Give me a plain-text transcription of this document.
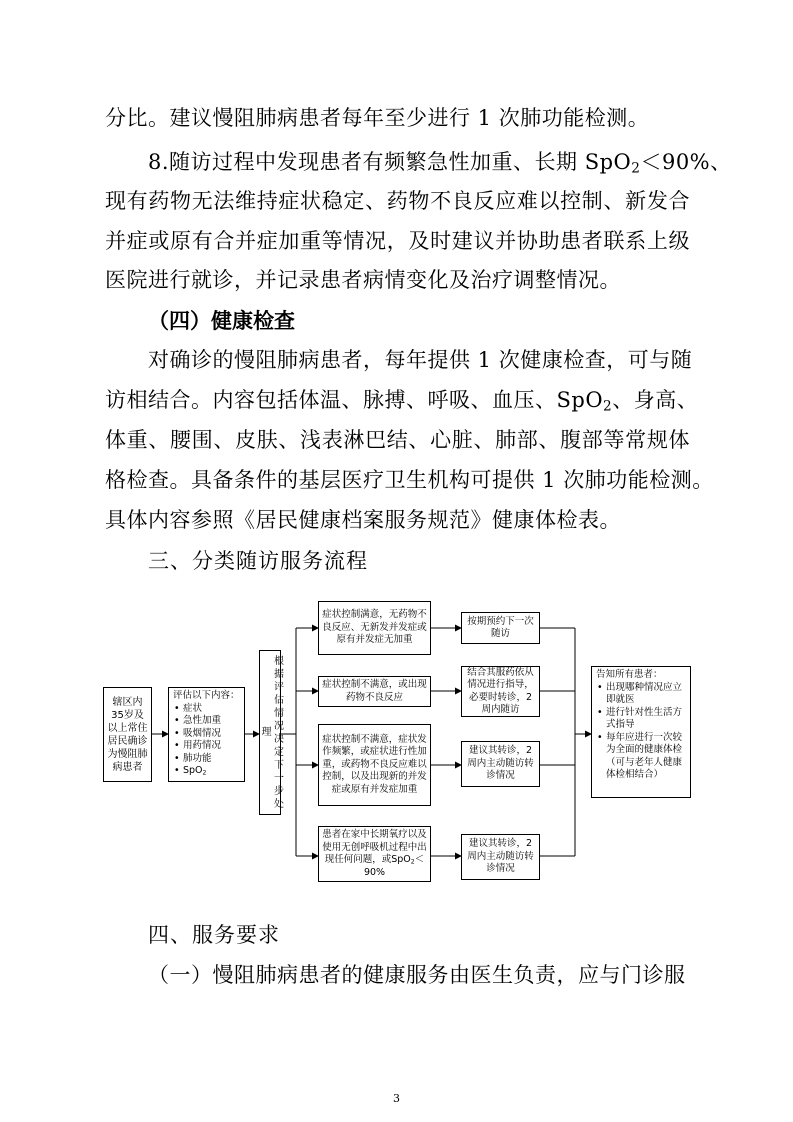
分比。建议慢阻肺病患者每年至少进行 1 次肺功能检测。
8.随访过程中发现患者有频繁急性加重、长期 SpO$_2$＜90%、
现有药物无法维持症状稳定、药物不良反应难以控制、新发合
并症或原有合并症加重等情况，及时建议并协助患者联系上级
医院进行就诊，并记录患者病情变化及治疗调整情况。
（四）健康检查
对确诊的慢阻肺病患者，每年提供 1 次健康检查，可与随
访相结合。内容包括体温、脉搏、呼吸、血压、SpO$_2$、身高、
体重、腰围、皮肤、浅表淋巴结、心脏、肺部、腹部等常规体
格检查。具备条件的基层医疗卫生机构可提供 1 次肺功能检测。
具体内容参照《居民健康档案服务规范》健康体检表。
三、分类随访服务流程
辖区内35岁及以上常住居民确诊为慢阻肺病患者
评估以下内容：
• 症状
• 急性加重
• 吸烟情况
• 用药情况
• 肺功能
• SpO$_2$	根据评估情况决定下一步处理
症状控制满意，无药物不良反应、无新发并发症或原有并发症无加重
症状控制不满意，或出现药物不良反应
症状控制不满意，症状发作频繁，或症状进行性加重，或药物不良反应难以控制，以及出现新的并发症或原有并发症加重
患者在家中长期氧疗以及使用无创呼吸机过程中出现任何问题，或SpO$_2$＜90%
按期预约下一次随访
结合其服药依从情况进行指导，必要时转诊，2周内随访
建议其转诊，2周内主动随访转诊情况
建议其转诊，2周内主动随访转诊情况
告知所有患者：
• 出现哪种情况应立即就医
• 进行针对性生活方式指导
• 每年应进行一次较为全面的健康体检（可与老年人健康体检相结合）
四、服务要求
（一）慢阻肺病患者的健康服务由医生负责，应与门诊服
3
